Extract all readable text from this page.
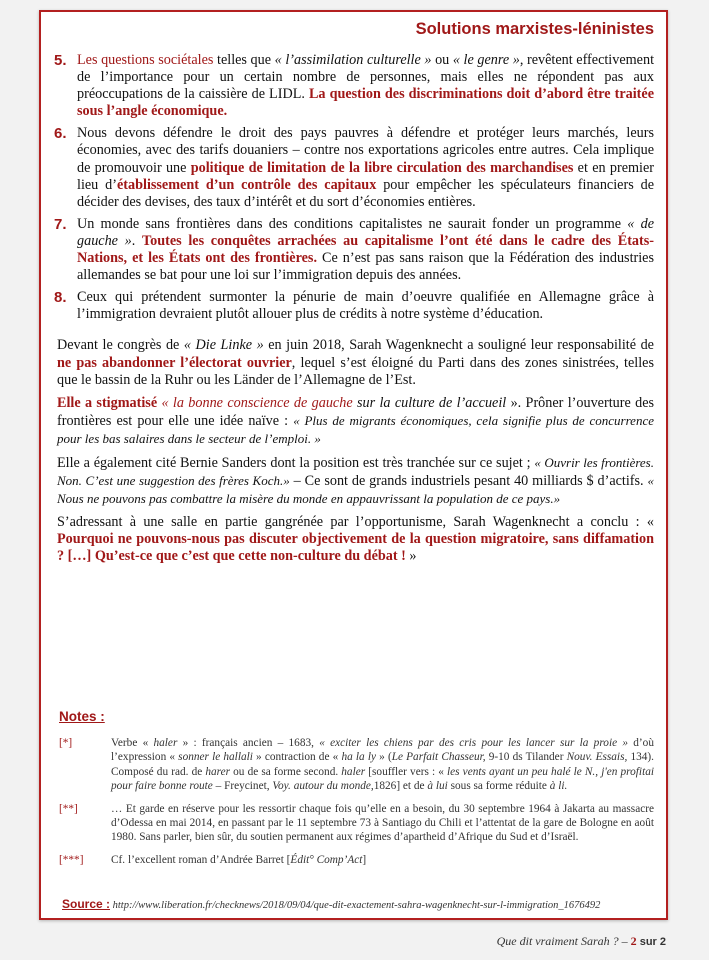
Solutions marxistes-léninistes
5. Les questions sociétales telles que « l’assimilation culturelle » ou « le genre », revêtent effectivement de l’importance pour un certain nombre de personnes, mais elles ne répondent pas aux préoccupations de la caissière de LIDL. La question des discriminations doit d’abord être traitée sous l’angle économique.
6. Nous devons défendre le droit des pays pauvres à défendre et protéger leurs marchés, leurs économies, avec des tarifs douaniers – contre nos exportations agricoles entre autres. Cela implique de promouvoir une politique de limitation de la libre circulation des marchandises et en premier lieu d’établissement d’un contrôle des capitaux pour empêcher les spéculateurs financiers de décider des devises, des taux d’intérêt et du sort d’économies entières.
7. Un monde sans frontières dans des conditions capitalistes ne saurait fonder un programme « de gauche ». Toutes les conquêtes arrachées au capitalisme l’ont été dans le cadre des États-Nations, et les États ont des frontières. Ce n’est pas sans raison que la Fédération des industries allemandes se bat pour une loi sur l’immigration depuis des années.
8. Ceux qui prétendent surmonter la pénurie de main d’oeuvre qualifiée en Allemagne grâce à l’immigration devraient plutôt allouer plus de crédits à notre système d’éducation.

Devant le congrès de « Die Linke » en juin 2018, Sarah Wagenknecht a souligné leur responsabilité de ne pas abandonner l’électorat ouvrier, lequel s’est éloigné du Parti dans des zones sinistrées, telles que le bassin de la Ruhr ou les Länder de l’Allemagne de l’Est.

Elle a stigmatisé « la bonne conscience de gauche sur la culture de l’accueil ». Prôner l’ouverture des frontières est pour elle une idée naïve : « Plus de migrants économiques, cela signifie plus de concurrence pour les bas salaires dans le secteur de l’emploi. »

Elle a également cité Bernie Sanders dont la position est très tranchée sur ce sujet ; « Ouvrir les frontières. Non. C’est une suggestion des frères Koch.» – Ce sont de grands industriels pesant 40 milliards $ d’actifs. « Nous ne pouvons pas combattre la misère du monde en appauvrissant la population de ce pays.»

S’adressant à une salle en partie gangrénée par l’opportunisme, Sarah Wagenknecht a conclu : « Pourquoi ne pouvons-nous pas discuter objectivement de la question migratoire, sans diffamation ? […] Qu’est-ce que c’est que cette non-culture du débat ! »

Notes :
[*]	Verbe « haler » : français ancien – 1683, « exciter les chiens par des cris pour les lancer sur la proie » d’où l’expression « sonner le hallali » contraction de « ha la ly » (Le Parfait Chasseur, 9-10 ds Tilander Nouv. Essais, 134). Composé du rad. de harer ou de sa forme second. haler [souffler vers : « les vents ayant un peu halé le N., j'en profitai pour faire bonne route – Freycinet, Voy. autour du monde,1826] et de à lui sous sa forme réduite à li.
[**]	… Et garde en réserve pour les ressortir chaque fois qu’elle en a besoin, du 30 septembre 1964 à Jakarta au massacre d’Odessa en mai 2014, en passant par le 11 septembre 73 à Santiago du Chili et l’attentat de la gare de Bologne en août 1980. Sans parler, bien sûr, du soutien permanent aux régimes d’apartheid d’Afrique du Sud et d’Israël.
[***] Cf. l’excellent roman d’Andrée Barret [Édit° Comp’Act]
Source : http://www.liberation.fr/checknews/2018/09/04/que-dit-exactement-sahra-wagenknecht-sur-l-immigration_1676492
Que dit vraiment Sarah ? – 2 sur 2
